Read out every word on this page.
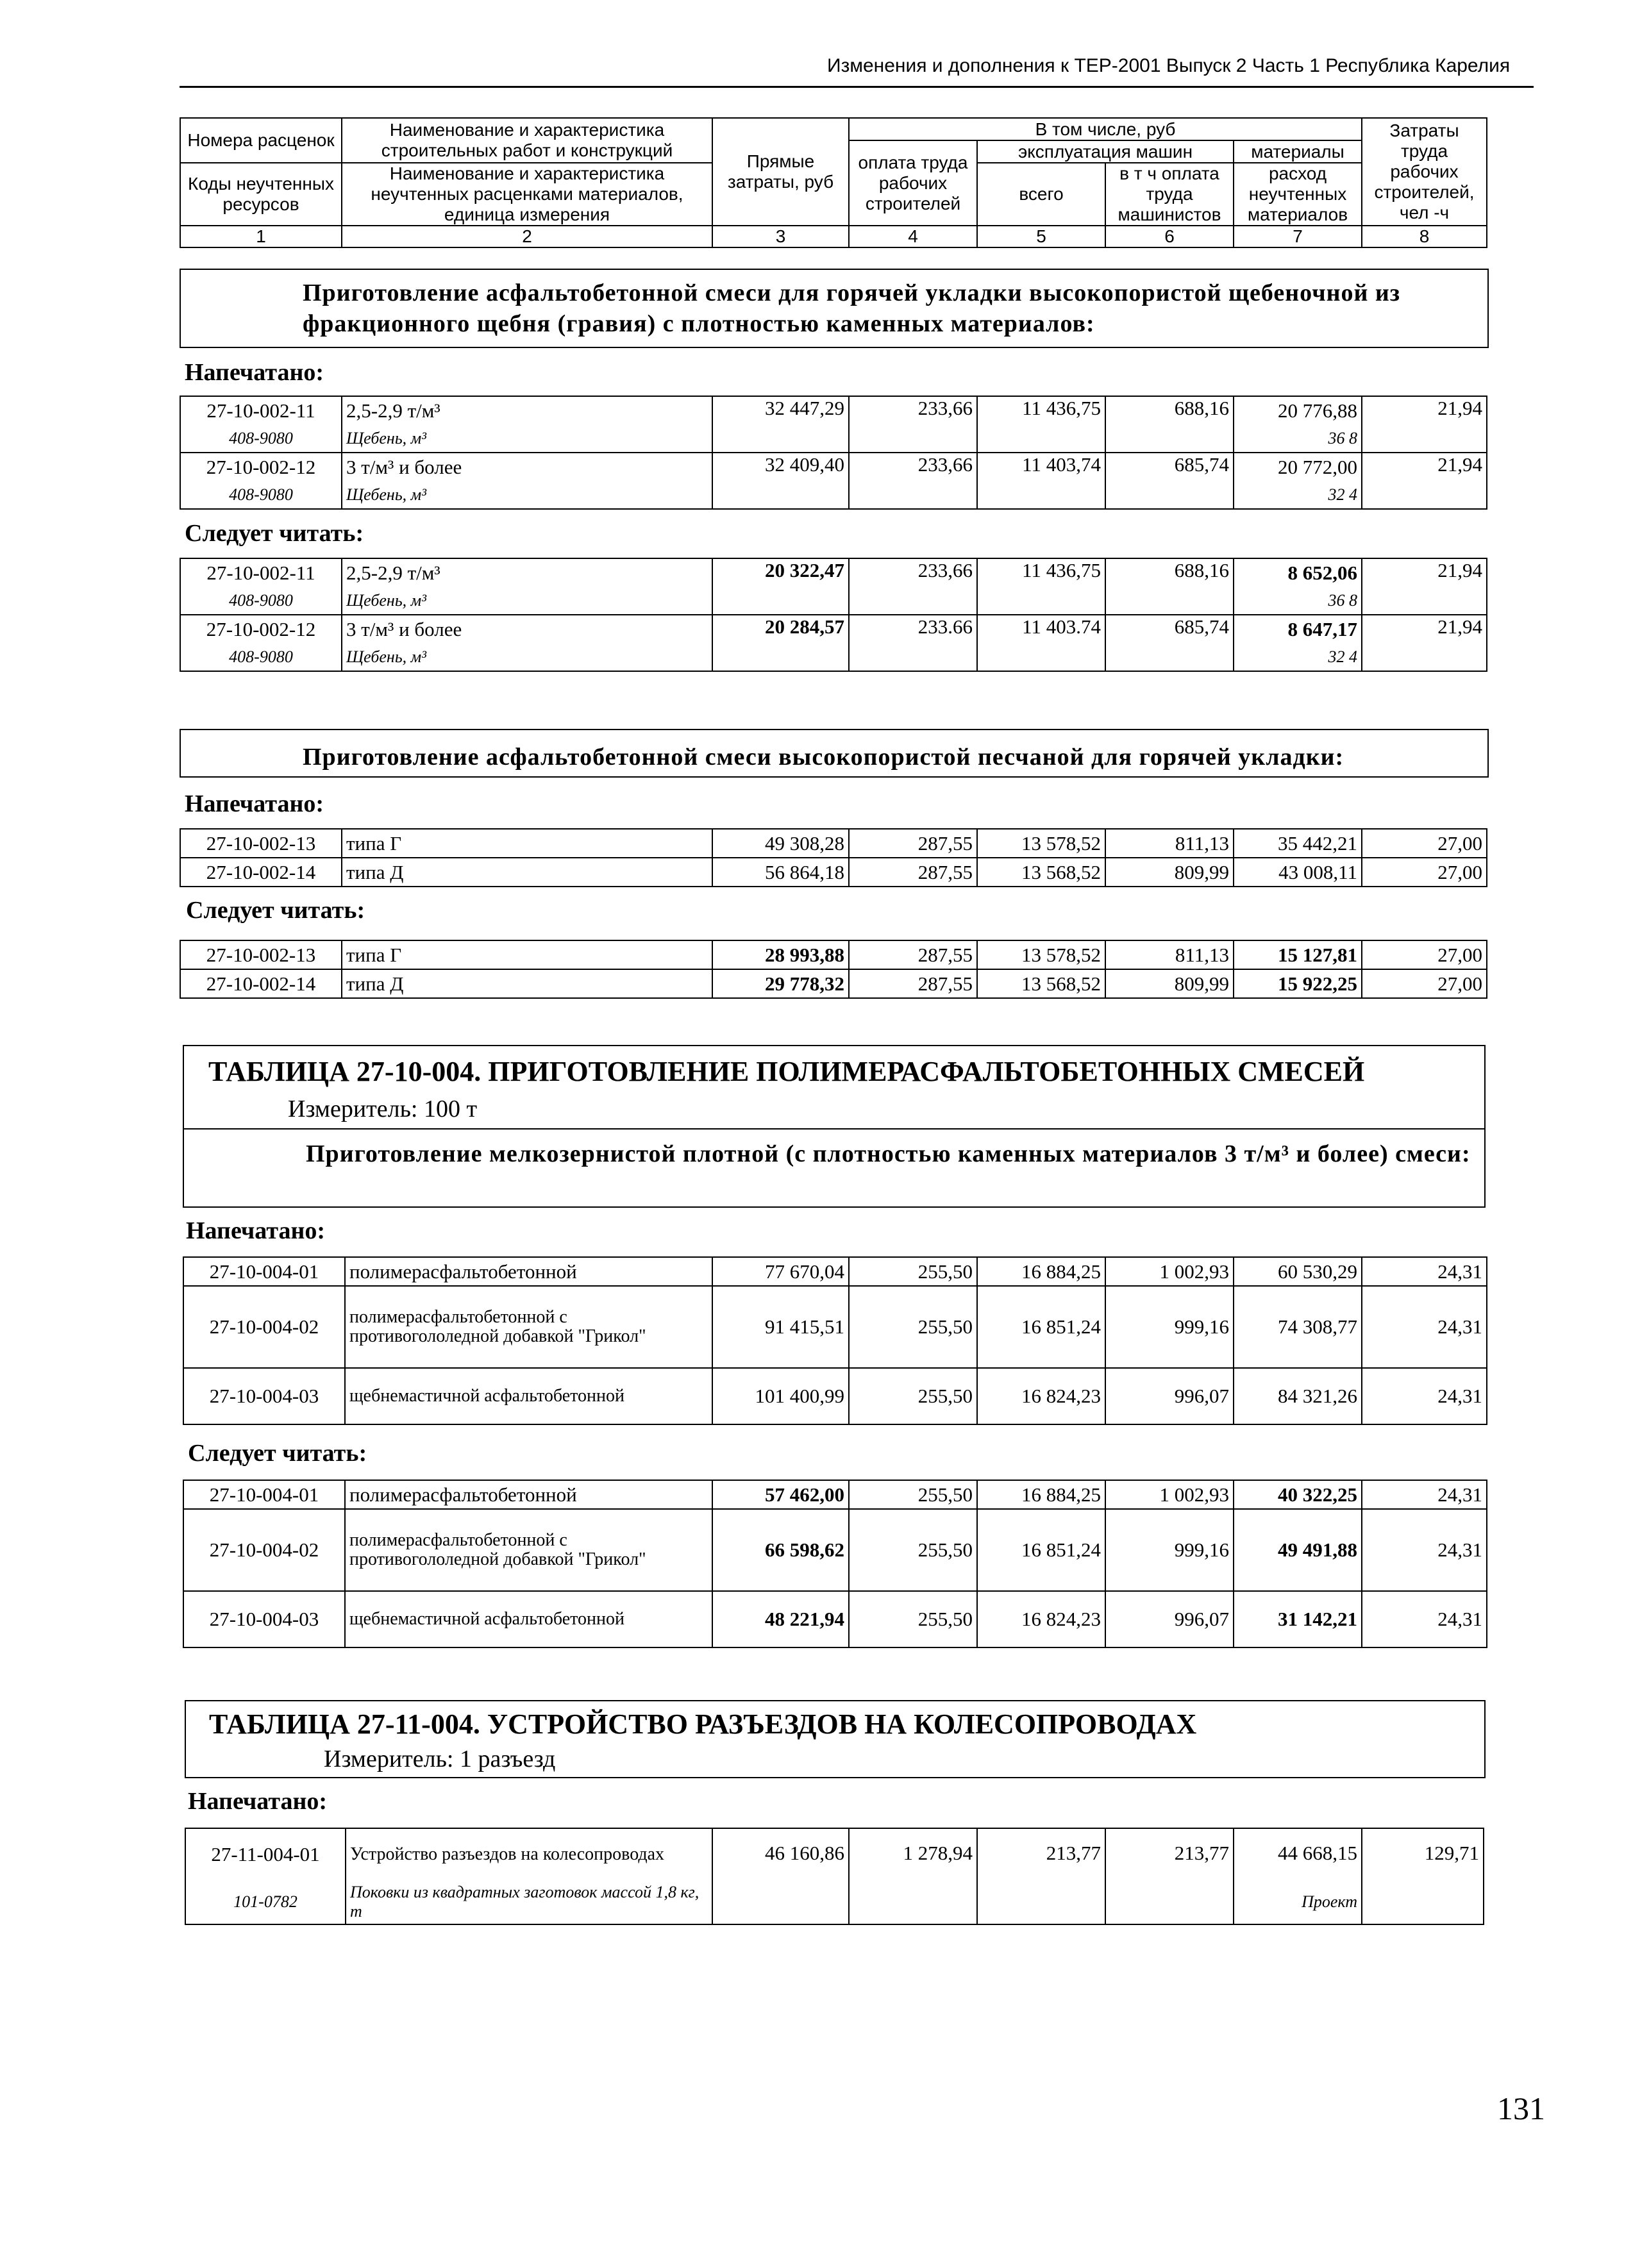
Изменения и дополнения к ТЕР-2001 Выпуск 2 Часть 1 Республика Карелия
Номера расценок	Наименование и характеристика строительных работ и конструкций	Прямые затраты, руб	В том числе, руб				Затраты труда рабочих строителей, чел -ч
			оплата труда рабочих строителей	эксплуатация машин		материалы	
Коды неучтенных ресурсов	Наименование и характеристика неучтенных расценками материалов, единица измерения			всего	в т ч оплата труда машинистов	расход неучтенных материалов	

1	2	3	4	5	6	7	8
Приготовление асфальтобетонной смеси для горячей укладки высокопористой щебеночной из фракционного щебня (гравия) с плотностью каменных материалов:
Напечатано:
27-10-002-11	2,5-2,9 т/м³	32 447,29	233,66	11 436,75	688,16	20 776,88	21,94
408-9080	Щебень, м³					36 8	
27-10-002-12	3 т/м³ и более	32 409,40	233,66	11 403,74	685,74	20 772,00	21,94
408-9080	Щебень, м³					32 4	
Следует читать:
27-10-002-11	2,5-2,9 т/м³	20 322,47	233,66	11 436,75	688,16	8 652,06	21,94
408-9080	Щебень, м³					36 8	
27-10-002-12	3 т/м³ и более	20 284,57	233.66	11 403.74	685,74	8 647,17	21,94
408-9080	Щебень, м³					32 4	
Приготовление асфальтобетонной смеси высокопористой песчаной для горячей укладки:
Напечатано:
27-10-002-13	типа Г	49 308,28	287,55	13 578,52	811,13	35 442,21	27,00
27-10-002-14	типа Д	56 864,18	287,55	13 568,52	809,99	43 008,11	27,00
Следует читать:
27-10-002-13	типа Г	28 993,88	287,55	13 578,52	811,13	15 127,81	27,00
27-10-002-14	типа Д	29 778,32	287,55	13 568,52	809,99	15 922,25	27,00
ТАБЛИЦА 27-10-004. ПРИГОТОВЛЕНИЕ ПОЛИМЕРАСФАЛЬТОБЕТОННЫХ СМЕСЕЙ
Измеритель: 100 т
Приготовление мелкозернистой плотной (с плотностью каменных материалов 3 т/м³ и более) смеси:
Напечатано:
27-10-004-01	полимерасфальтобетонной	77 670,04	255,50	16 884,25	1 002,93	60 530,29	24,31
27-10-004-02	полимерасфальтобетонной с противогололедной добавкой "Грикол"	91 415,51	255,50	16 851,24	999,16	74 308,77	24,31
27-10-004-03	щебнемастичной асфальтобетонной	101 400,99	255,50	16 824,23	996,07	84 321,26	24,31
Следует читать:
27-10-004-01	полимерасфальтобетонной	57 462,00	255,50	16 884,25	1 002,93	40 322,25	24,31
27-10-004-02	полимерасфальтобетонной с противогололедной добавкой "Грикол"	66 598,62	255,50	16 851,24	999,16	49 491,88	24,31
27-10-004-03	щебнемастичной асфальтобетонной	48 221,94	255,50	16 824,23	996,07	31 142,21	24,31
ТАБЛИЦА 27-11-004. УСТРОЙСТВО РАЗЪЕЗДОВ НА КОЛЕСОПРОВОДАХ
Измеритель: 1 разъезд
Напечатано:
27-11-004-01	Устройство разъездов на колесопроводах	46 160,86	1 278,94	213,77	213,77	44 668,15	129,71
101-0782	Поковки из квадратных заготовок массой 1,8 кг, т					Проект	
131
